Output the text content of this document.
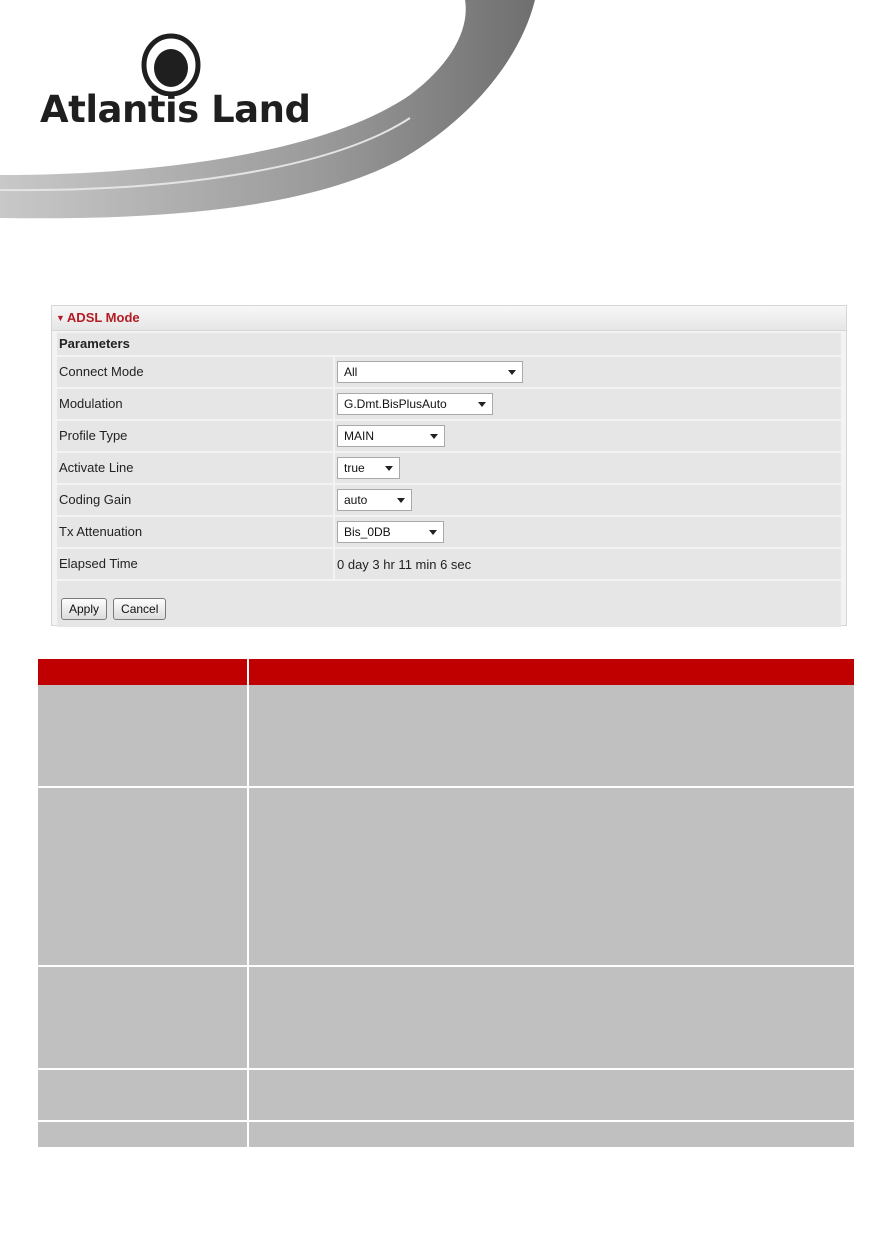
Atlantis Land
▼ ADSL Mode
Parameters
Connect Mode	All
Modulation	G.Dmt.BisPlusAuto
Profile Type	MAIN
Activate Line	true
Coding Gain	auto
Tx Attenuation	Bis_0DB
Elapsed Time	0 day 3 hr 11 min 6 sec
Apply	Cancel
